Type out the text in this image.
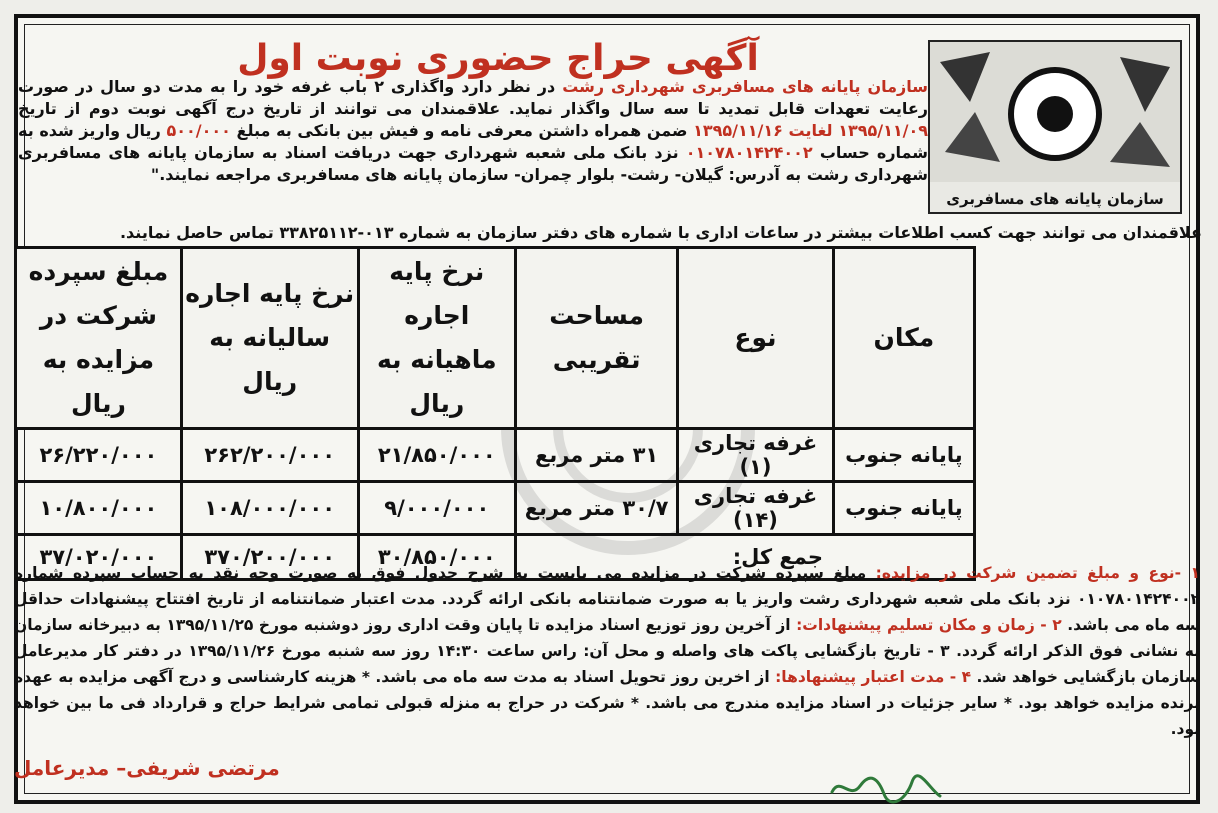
سازمان پایانه های مسافربری
آگهی حراج حضوری نوبت اول
سازمان پایانه های مسافربری شهرداری رشت در نظر دارد واگذاری ۲ باب غرفه خود را به مدت دو سال در صورت رعایت تعهدات قابل تمدید تا سه سال واگذار نماید. علاقمندان می توانند از تاریخ درج آگهی نوبت دوم از تاریخ ۱۳۹۵/۱۱/۰۹ لغایت ۱۳۹۵/۱۱/۱۶ ضمن همراه داشتن معرفی نامه و فیش بین بانکی به مبلغ ۵۰۰/۰۰۰ ریال واریز شده به شماره حساب ۰۱۰۷۸۰۱۴۲۴۰۰۲ نزد بانک ملی شعبه شهرداری جهت دریافت اسناد به سازمان پایانه های مسافربری شهرداری رشت به آدرس: گیلان- رشت- بلوار چمران- سازمان پایانه های مسافربری مراجعه نمایند."
علاقمندان می توانند جهت کسب اطلاعات بیشتر در ساعات اداری با شماره های دفتر سازمان به شماره ۰۱۳-۳۳۸۲۵۱۱۲ تماس حاصل نمایند.
مکان	نوع	مساحت تقریبی	نرخ پایه اجاره ماهیانه به ریال	نرخ پایه اجاره سالیانه به ریال	مبلغ سپرده شرکت در مزایده به ریال
پایانه جنوب	غرفه تجاری (۱)	۳۱ متر مربع	۲۱/۸۵۰/۰۰۰	۲۶۲/۲۰۰/۰۰۰	۲۶/۲۲۰/۰۰۰
پایانه جنوب	غرفه تجاری (۱۴)	۳۰/۷ متر مربع	۹/۰۰۰/۰۰۰	۱۰۸/۰۰۰/۰۰۰	۱۰/۸۰۰/۰۰۰
جمع کل:			۳۰/۸۵۰/۰۰۰	۳۷۰/۲۰۰/۰۰۰	۳۷/۰۲۰/۰۰۰
۱ -نوع و مبلغ تضمین شرکت در مزایده: مبلغ سپرده شرکت در مزایده می بایست به شرح جدول فوق به صورت وجه نقد به حساب سپرده شماره ۰۱۰۷۸۰۱۴۲۴۰۰۲ نزد بانک ملی شعبه شهرداری رشت واریز یا به صورت ضمانتنامه بانکی ارائه گردد. مدت اعتبار ضمانتنامه از تاریخ افتتاح پیشنهادات حداقل سه ماه می باشد. ۲ - زمان و مکان تسلیم پیشنهادات: از آخرین روز توزیع اسناد مزایده تا پایان وقت اداری روز دوشنبه مورخ ۱۳۹۵/۱۱/۲۵ به دبیرخانه سازمان به نشانی فوق الذکر ارائه گردد. ۳ - تاریخ بازگشایی پاکت های واصله و محل آن: راس ساعت ۱۴:۳۰ روز سه شنبه مورخ ۱۳۹۵/۱۱/۲۶ در دفتر کار مدیرعامل سازمان بازگشایی خواهد شد. ۴ - مدت اعتبار پیشنهادها: از اخرین روز تحویل اسناد به مدت سه ماه می باشد. * هزینه کارشناسی و درج آگهی مزایده به عهده برنده مزایده خواهد بود. * سایر جزئیات در اسناد مزایده مندرج می باشد. * شرکت در حراج به منزله قبولی تمامی شرایط حراج و قرارداد فی ما بین خواهد بود.
مرتضی شریفی– مدیرعامل
